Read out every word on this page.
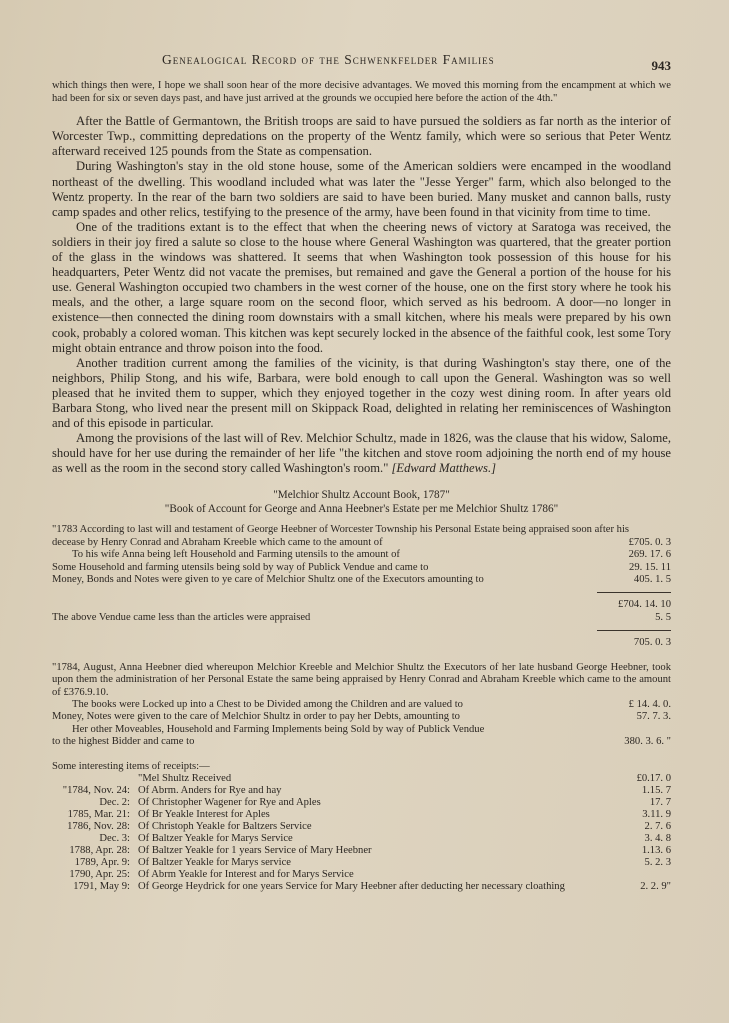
Genealogical Record of the Schwenkfelder Families	943

which things then were, I hope we shall soon hear of the more decisive advantages. We moved this morning from the encampment at which we had been for six or seven days past, and have just arrived at the grounds we occupied here before the action of the 4th."

After the Battle of Germantown, the British troops are said to have pursued the soldiers as far north as the interior of Worcester Twp., committing depredations on the property of the Wentz family, which were so serious that Peter Wentz afterward received 125 pounds from the State as compensation.

During Washington's stay in the old stone house, some of the American soldiers were encamped in the woodland northeast of the dwelling. This woodland included what was later the "Jesse Yerger" farm, which also belonged to the Wentz property. In the rear of the barn two soldiers are said to have been buried. Many musket and cannon balls, rusty camp spades and other relics, testifying to the presence of the army, have been found in that vicinity from time to time.

One of the traditions extant is to the effect that when the cheering news of victory at Saratoga was received, the soldiers in their joy fired a salute so close to the house where General Washington was quartered, that the greater portion of the glass in the windows was shattered. It seems that when Washington took possession of this house for his headquarters, Peter Wentz did not vacate the premises, but remained and gave the General a portion of the house for his use. General Washington occupied two chambers in the west corner of the house, one on the first story where he took his meals, and the other, a large square room on the second floor, which served as his bedroom. A door—no longer in existence—then connected the dining room downstairs with a small kitchen, where his meals were prepared by his own cook, probably a colored woman. This kitchen was kept securely locked in the absence of the faithful cook, lest some Tory might obtain entrance and throw poison into the food.

Another tradition current among the families of the vicinity, is that during Washington's stay there, one of the neighbors, Philip Stong, and his wife, Barbara, were bold enough to call upon the General. Washington was so well pleased that he invited them to supper, which they enjoyed together in the cozy west dining room. In after years old Barbara Stong, who lived near the present mill on Skippack Road, delighted in relating her reminiscences of Washington and of this episode in particular.

Among the provisions of the last will of Rev. Melchior Schultz, made in 1826, was the clause that his widow, Salome, should have for her use during the remainder of her life "the kitchen and stove room adjoining the north end of my house as well as the room in the second story called Washington's room." [Edward Matthews.]

"Melchior Shultz Account Book, 1787"
"Book of Account for George and Anna Heebner's Estate per me Melchior Shultz 1786"
"1783 According to last will and testament of George Heebner of Worcester Township his Personal Estate being appraised soon after his decease by Henry Conrad and Abraham Kreeble which came to the amount of	£705. 0. 3
To his wife Anna being left Household and Farming utensils to the amount of	269. 17. 6
Some Household and farming utensils being sold by way of Publick Vendue and came to	29. 15. 11
Money, Bonds and Notes were given to ye care of Melchior Shultz one of the Executors amounting to	405. 1. 5
£704. 14. 10
The above Vendue came less than the articles were appraised	5. 5
705. 0. 3

"1784, August, Anna Heebner died whereupon Melchior Kreeble and Melchior Shultz the Executors of her late husband George Heebner, took upon them the administration of her Personal Estate the same being appraised by Henry Conrad and Abraham Kreeble which came to the amount of £376.9.10.

The books were Locked up into a Chest to be Divided among the Children and are valued to	£ 14. 4. 0.
Money, Notes were given to the care of Melchior Shultz in order to pay her Debts, amounting to	57. 7. 3.
Her other Moveables, Household and Farming Implements being Sold by way of Publick Vendue
to the highest Bidder and came to	380. 3. 6. "
Some interesting items of receipts:—
"Mel Shultz Received	£0.17. 0
"1784, Nov. 24: Of Abrm. Anders for Rye and hay	1.15. 7
Dec. 2: Of Christopher Wagener for Rye and Aples	17. 7
1785, Mar. 21: Of Br Yeakle Interest for Aples	3.11. 9
1786, Nov. 28: Of Christoph Yeakle for Baltzers Service	2. 7. 6
Dec. 3: Of Baltzer Yeakle for Marys Service	3. 4. 8
1788, Apr. 28: Of Baltzer Yeakle for 1 years Service of Mary Heebner	1.13. 6
1789, Apr. 9: Of Baltzer Yeakle for Marys service	5. 2. 3
1790, Apr. 25: Of Abrm Yeakle for Interest and for Marys Service
1791, May 9: Of George Heydrick for one years Service for Mary Heebner after deducting her necessary cloathing	2. 2. 9"
